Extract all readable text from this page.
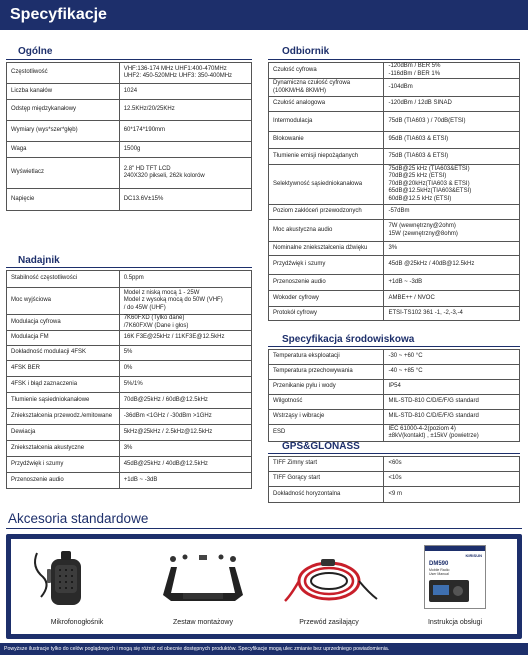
Specyfikacje
Ogólne
Częstotliwość	VHF:136-174 MHz UHF1:400-470MHz
UHF2: 450-520MHz UHF3: 350-400MHz

Liczba kanałów	1024

Odstęp międzykanałowy	12.5KHz/20/25KHz

Wymiary (wys*szer*głęb)	60*174*190mm

Waga	1500g

Wyświetlacz	2.8" HD TFT LCD
240X320 pikseli, 262k kolorów

Napięcie	DC13.6V±15%
Nadajnik
Stabilność częstotliwości	0.5ppm

Moc wyjściowa	Model z niską mocą 1 - 25W
Model z wysoką mocą do 50W (VHF)
/ do 45W (UHF)

Modulacja cyfrowa	7K60FXD (Tylko dane)
/7K60FXW (Dane i głos)

Modulacja FM	16K F3E@25kHz / 11KF3E@12.5kHz

Dokładność modulacji 4FSK	5%

4FSK BER	0%

4FSK i błąd zaznaczenia	5%/1%

Tłumienie sąsiedniokanałowe	70dB@25kHz / 60dB@12.5kHz

Zniekształcenia przewodz./emitowane	-36dBm <1GHz / -30dBm >1GHz

Dewiacja	5kHz@25kHz / 2.5kHz@12.5kHz

Zniekształcenia akustyczne	3%

Przydźwięk i szumy	45dB@25kHz / 40dB@12.5kHz

Przenoszenie audio	+1dB ~ -3dB
Odbiornik
Czułość cyfrowa	-120dBm / BER 5%
-116dBm / BER 1%

Dynamiczna czułość cyfrowa
(100KM/H& 8KM/H)	-104dBm

Czułość analogowa	-120dBm / 12dB SINAD

Intermodulacja	75dB (TIA603 ) / 70dB(ETSI)

Blokowanie	95dB (TIA603 & ETSI)

Tłumienie emisji niepożądanych	75dB (TIA603 & ETSI)

Selektywność sąsiedniokanałowa	75dB@25 kHz (TIA603&ETSI)
70dB@25 kHz (ETSI)
70dB@20kHz(TIA603 & ETSI)
65dB@12.5kHz(TIA603&ETSI)
60dB@12.5 kHz (ETSI)

Poziom zakłóceń przewodzonych	-57dBm

Moc akustyczna audio	7W (wewnętrzny@2ohm)
15W (zewnętrzny@8ohm)

Nominalne zniekształcenia dźwięku	3%

Przydźwięk i szumy	45dB @25kHz / 40dB@12.5kHz

Przenoszenie audio	+1dB ~ -3dB

Wokoder cyfrowy	AMBE++ / NVOC

Protokół cyfrowy	ETSI-TS102 361 -1, -2,-3,-4
Specyfikacja środowiskowa
Temperatura eksploatacji	-30 ~ +60 °C

Temperatura przechowywania	-40 ~ +85 °C

Przenikanie pyłu i wody	IP54

Wilgotność	MIL-STD-810 C/D/E/F/G standard

Wstrząsy i wibracje	MIL-STD-810 C/D/E/F/G standard

ESD	IEC 61000-4-2(poziom 4)
±8kV(kontakt) , ±15kV (powietrze)
GPS&GLONASS
TIFF Zimny start	<60s

TIFF Gorący start	<10s

Dokładność horyzontalna	<9 m
Akcesoria standardowe
Mikrofonogłośnik	Zestaw montażowy	Przewód zasilający
KIRISUN
DM590
Mobile Radio
User Manual
Instrukcja obsługi
Powyższe ilustracje tylko do celów poglądowych i mogą się różnić od obecnie dostępnych produktów. Specyfikacje mogą ulec zmianie bez uprzedniego powiadomienia.
